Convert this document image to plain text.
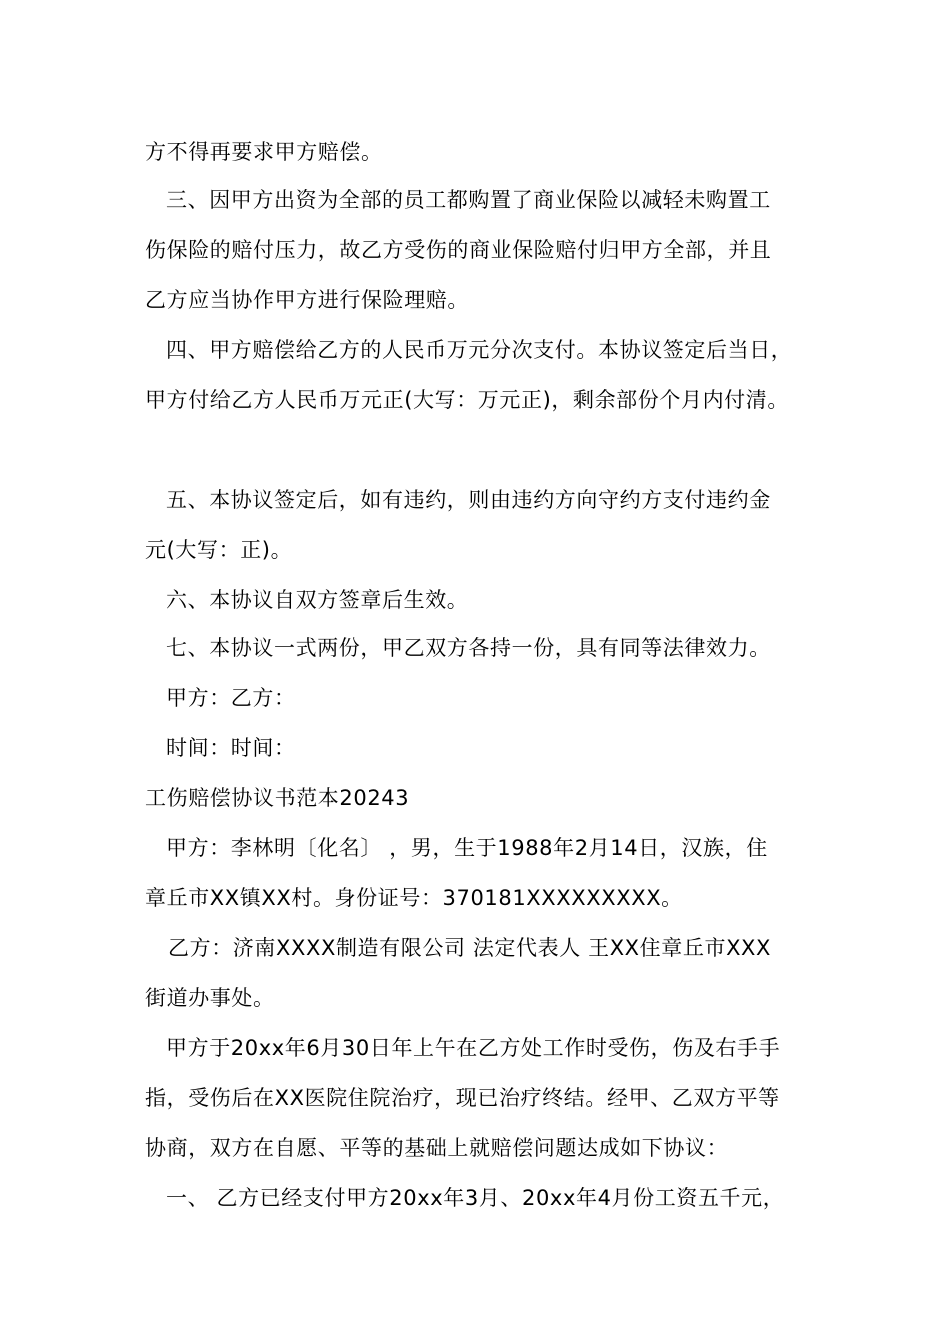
方不得再要求甲方赔偿。
三、因甲方出资为全部的员工都购置了商业保险以减轻未购置工
伤保险的赔付压力，故乙方受伤的商业保险赔付归甲方全部，并且
乙方应当协作甲方进行保险理赔。
四、甲方赔偿给乙方的人民币万元分次支付。本协议签定后当日，
甲方付给乙方人民币万元正(大写：万元正)，剩余部份个月内付清。
五、本协议签定后，如有违约，则由违约方向守约方支付违约金
元(大写：正)。
六、本协议自双方签章后生效。
七、本协议一式两份，甲乙双方各持一份，具有同等法律效力。
甲方：乙方：
时间：时间：
工伤赔偿协议书范本20243
甲方：李林明〔化名〕 ，男，生于1988年2月14日，汉族，住
章丘市XX镇XX村。身份证号：370181XXXXXXXXX。
乙方：济南XXXX制造有限公司 法定代表人 王XX住章丘市XXX
街道办事处。
甲方于20xx年6月30日年上午在乙方处工作时受伤，伤及右手手
指，受伤后在XX医院住院治疗，现已治疗终结。经甲、乙双方平等
协商，双方在自愿、平等的基础上就赔偿问题达成如下协议：
一、 乙方已经支付甲方20xx年3月、20xx年4月份工资五千元，
